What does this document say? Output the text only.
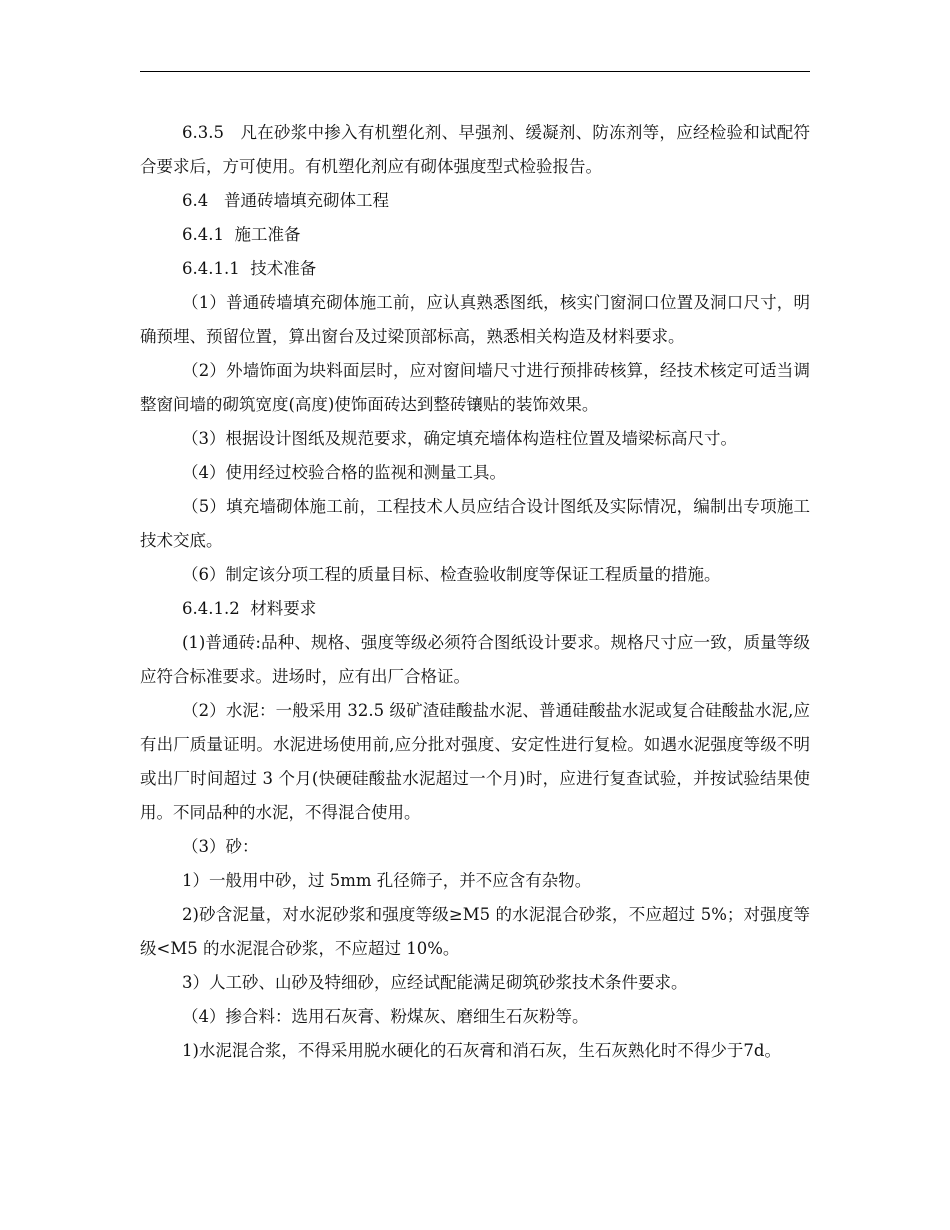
6.3.5   凡在砂浆中掺入有机塑化剂、早强剂、缓凝剂、防冻剂等，应经检验和试配符合要求后，方可使用。有机塑化剂应有砌体强度型式检验报告。

6.4   普通砖墙填充砌体工程

6.4.1  施工准备

6.4.1.1  技术准备

（1）普通砖墙填充砌体施工前，应认真熟悉图纸，核实门窗洞口位置及洞口尺寸，明确预埋、预留位置，算出窗台及过梁顶部标高，熟悉相关构造及材料要求。

（2）外墙饰面为块料面层时，应对窗间墙尺寸进行预排砖核算，经技术核定可适当调整窗间墙的砌筑宽度(高度)使饰面砖达到整砖镶贴的装饰效果。

（3）根据设计图纸及规范要求，确定填充墙体构造柱位置及墙梁标高尺寸。

（4）使用经过校验合格的监视和测量工具。

（5）填充墙砌体施工前，工程技术人员应结合设计图纸及实际情况，编制出专项施工技术交底。

（6）制定该分项工程的质量目标、检查验收制度等保证工程质量的措施。

6.4.1.2  材料要求

(1)普通砖:品种、规格、强度等级必须符合图纸设计要求。规格尺寸应一致，质量等级应符合标准要求。进场时，应有出厂合格证。

（2）水泥：一般采用 32.5 级矿渣硅酸盐水泥、普通硅酸盐水泥或复合硅酸盐水泥,应有出厂质量证明。水泥进场使用前,应分批对强度、安定性进行复检。如遇水泥强度等级不明或出厂时间超过 3 个月(快硬硅酸盐水泥超过一个月)时，应进行复查试验，并按试验结果使用。不同品种的水泥，不得混合使用。

（3）砂：

1）一般用中砂，过 5mm 孔径筛子，并不应含有杂物。

2)砂含泥量，对水泥砂浆和强度等级≥M5 的水泥混合砂浆，不应超过 5%；对强度等级<M5 的水泥混合砂浆，不应超过 10%。

3）人工砂、山砂及特细砂，应经试配能满足砌筑砂浆技术条件要求。

（4）掺合料：选用石灰膏、粉煤灰、磨细生石灰粉等。

1)水泥混合浆，不得采用脱水硬化的石灰膏和消石灰，生石灰熟化时不得少于7d。
